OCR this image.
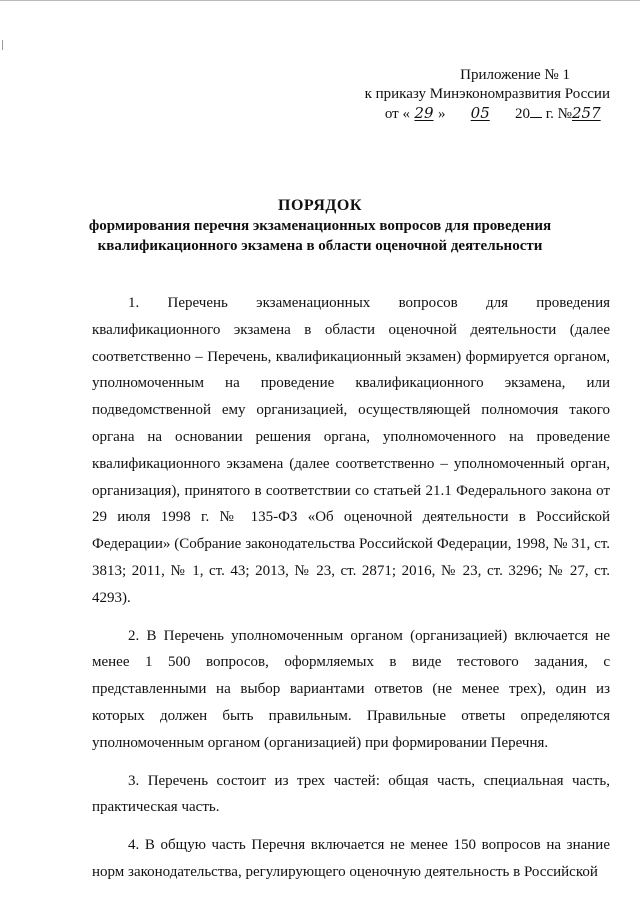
Приложение № 1
к приказу Минэкономразвития России
от « 29 » 05 20 г. №257
ПОРЯДОК
формирования перечня экзаменационных вопросов для проведения
квалификационного экзамена в области оценочной деятельности

1. Перечень экзаменационных вопросов для проведения квалификационного экзамена в области оценочной деятельности (далее соответственно – Перечень, квалификационный экзамен) формируется органом, уполномоченным на проведение квалификационного экзамена, или подведомственной ему организацией, осуществляющей полномочия такого органа на основании решения органа, уполномоченного на проведение квалификационного экзамена (далее соответственно – уполномоченный орган, организация), принятого в соответствии со статьей 21.1 Федерального закона от 29 июля 1998 г. № 135-ФЗ «Об оценочной деятельности в Российской Федерации» (Собрание законодательства Российской Федерации, 1998, № 31, ст. 3813; 2011, № 1, ст. 43; 2013, № 23, ст. 2871; 2016, № 23, ст. 3296; № 27, ст. 4293).

2. В Перечень уполномоченным органом (организацией) включается не менее 1 500 вопросов, оформляемых в виде тестового задания, с представленными на выбор вариантами ответов (не менее трех), один из которых должен быть правильным. Правильные ответы определяются уполномоченным органом (организацией) при формировании Перечня.

3. Перечень состоит из трех частей: общая часть, специальная часть, практическая часть.

4. В общую часть Перечня включается не менее 150 вопросов на знание норм законодательства, регулирующего оценочную деятельность в Российской
